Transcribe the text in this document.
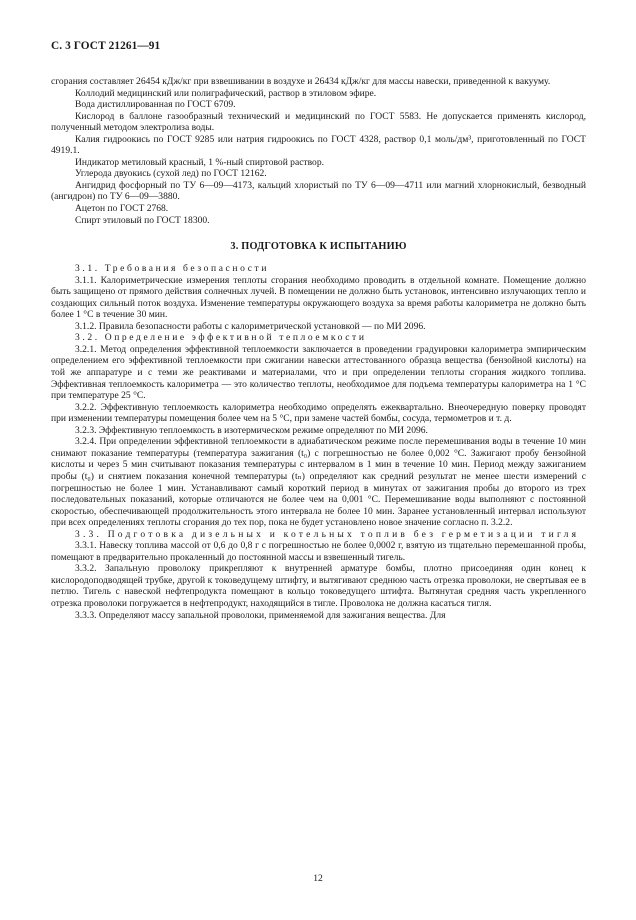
С. 3 ГОСТ 21261—91

сгорания составляет 26454 кДж/кг при взвешивании в воздухе и 26434 кДж/кг для массы навески, приведенной к вакууму.

Коллодий медицинский или полиграфический, раствор в этиловом эфире.

Вода дистиллированная по ГОСТ 6709.

Кислород в баллоне газообразный технический и медицинский по ГОСТ 5583. Не допускается применять кислород, полученный методом электролиза воды.

Калия гидроокись по ГОСТ 9285 или натрия гидроокись по ГОСТ 4328, раствор 0,1 моль/дм³, приготовленный по ГОСТ 4919.1.

Индикатор метиловый красный, 1 %-ный спиртовой раствор.

Углерода двуокись (сухой лед) по ГОСТ 12162.

Ангидрид фосфорный по ТУ 6—09—4173, кальций хлористый по ТУ 6—09—4711 или магний хлорнокислый, безводный (ангидрон) по ТУ 6—09—3880.

Ацетон по ГОСТ 2768.

Спирт этиловый по ГОСТ 18300.

3. ПОДГОТОВКА К ИСПЫТАНИЮ

3.1. Требования безопасности

3.1.1. Калориметрические измерения теплоты сгорания необходимо проводить в отдельной комнате. Помещение должно быть защищено от прямого действия солнечных лучей. В помещении не должно быть установок, интенсивно излучающих тепло и создающих сильный поток воздуха. Изменение температуры окружающего воздуха за время работы калориметра не должно быть более 1 °С в течение 30 мин.

3.1.2. Правила безопасности работы с калориметрической установкой — по МИ 2096.

3.2. Определение эффективной теплоемкости

3.2.1. Метод определения эффективной теплоемкости заключается в проведении градуировки калориметра эмпирическим определением его эффективной теплоемкости при сжигании навески аттестованного образца вещества (бензойной кислоты) на той же аппаратуре и с теми же реактивами и материалами, что и при определении теплоты сгорания жидкого топлива. Эффективная теплоемкость калориметра — это количество теплоты, необходимое для подъема температуры калориметра на 1 °С при температуре 25 °С.

3.2.2. Эффективную теплоемкость калориметра необходимо определять ежеквартально. Внеочередную поверку проводят при изменении температуры помещения более чем на 5 °С, при замене частей бомбы, сосуда, термометров и т. д.

3.2.3. Эффективную теплоемкость в изотермическом режиме определяют по МИ 2096.

3.2.4. При определении эффективной теплоемкости в адиабатическом режиме после перемешивания воды в течение 10 мин снимают показание температуры (температура зажигания (t₀) с погрешностью не более 0,002 °С. Зажигают пробу бензойной кислоты и через 5 мин считывают показания температуры с интервалом в 1 мин в течение 10 мин. Период между зажиганием пробы (t₀) и снятием показания конечной температуры (tₙ) определяют как средний результат не менее шести измерений с погрешностью не более 1 мин. Устанавливают самый короткий период в минутах от зажигания пробы до второго из трех последовательных показаний, которые отличаются не более чем на 0,001 °С. Перемешивание воды выполняют с постоянной скоростью, обеспечивающей продолжительность этого интервала не более 10 мин. Заранее установленный интервал используют при всех определениях теплоты сгорания до тех пор, пока не будет установлено новое значение согласно п. 3.2.2.

3.3. Подготовка дизельных и котельных топлив без герметизации тигля

3.3.1. Навеску топлива массой от 0,6 до 0,8 г с погрешностью не более 0,0002 г, взятую из тщательно перемешанной пробы, помещают в предварительно прокаленный до постоянной массы и взвешенный тигель.

3.3.2. Запальную проволоку прикрепляют к внутренней арматуре бомбы, плотно присоединяя один конец к кислородоподводящей трубке, другой к токоведущему штифту, и вытягивают среднюю часть отрезка проволоки, не свертывая ее в петлю. Тигель с навеской нефтепродукта помещают в кольцо токоведущего штифта. Вытянутая средняя часть укрепленного отрезка проволоки погружается в нефтепродукт, находящийся в тигле. Проволока не должна касаться тигля.

3.3.3. Определяют массу запальной проволоки, применяемой для зажигания вещества. Для

12
